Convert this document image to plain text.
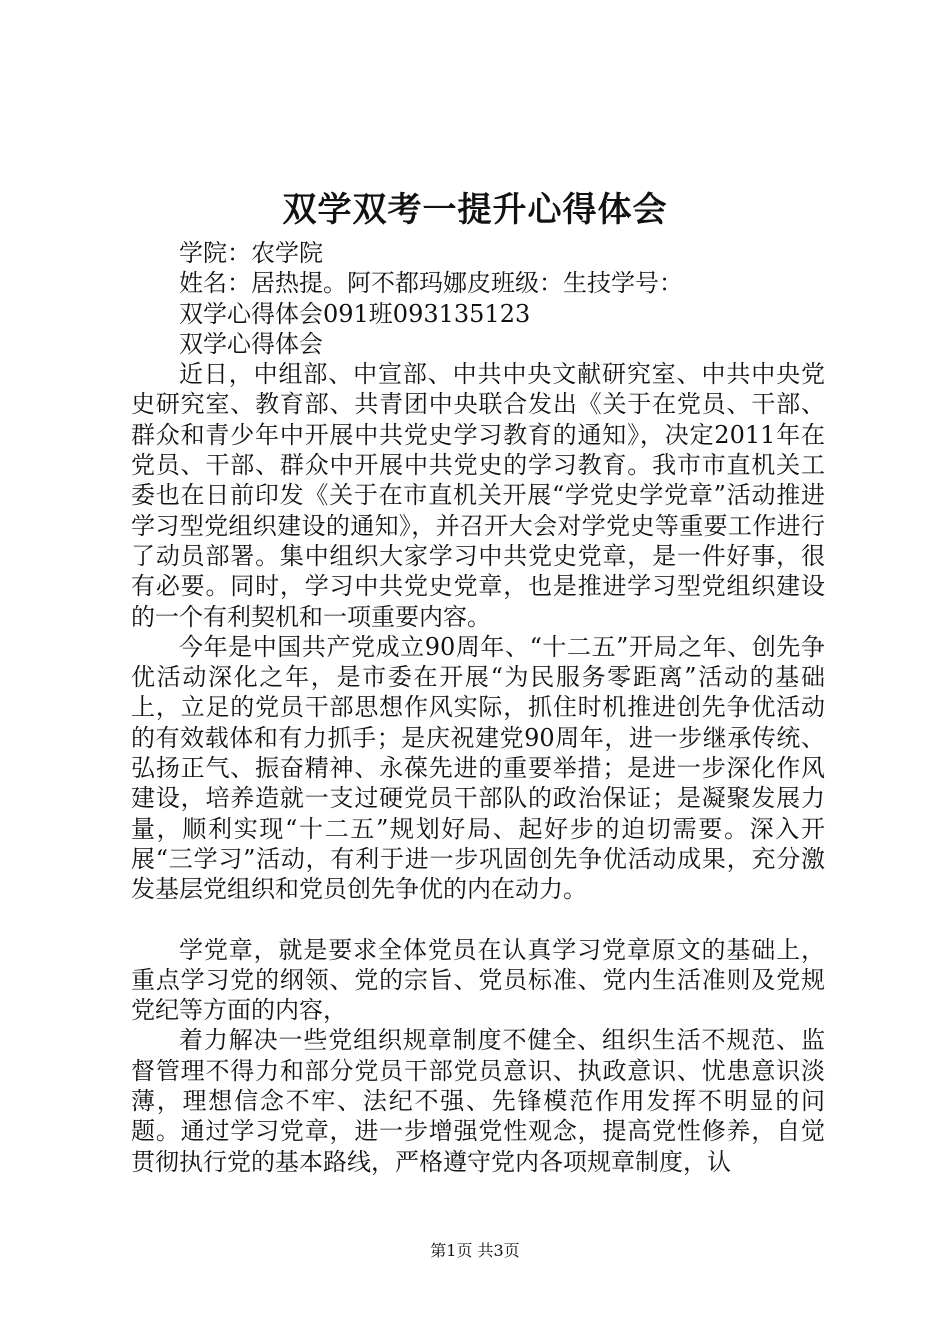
双学双考一提升心得体会

学院：农学院

姓名：居热提。阿不都玛娜皮班级：生技学号：

双学心得体会091班093135123

双学心得体会

近日，中组部、中宣部、中共中央文献研究室、中共中央党史研究室、教育部、共青团中央联合发出《关于在党员、干部、群众和青少年中开展中共党史学习教育的通知》，决定2011年在党员、干部、群众中开展中共党史的学习教育。我市市直机关工委也在日前印发《关于在市直机关开展“学党史学党章”活动推进学习型党组织建设的通知》，并召开大会对学党史等重要工作进行了动员部署。集中组织大家学习中共党史党章，是一件好事，很有必要。同时，学习中共党史党章，也是推进学习型党组织建设的一个有利契机和一项重要内容。

今年是中国共产党成立90周年、“十二五”开局之年、创先争优活动深化之年，是市委在开展“为民服务零距离”活动的基础上，立足的党员干部思想作风实际，抓住时机推进创先争优活动的有效载体和有力抓手；是庆祝建党90周年，进一步继承传统、弘扬正气、振奋精神、永葆先进的重要举措；是进一步深化作风建设，培养造就一支过硬党员干部队的政治保证；是凝聚发展力量，顺利实现“十二五”规划好局、起好步的迫切需要。深入开展“三学习”活动，有利于进一步巩固创先争优活动成果，充分激发基层党组织和党员创先争优的内在动力。

学党章，就是要求全体党员在认真学习党章原文的基础上，重点学习党的纲领、党的宗旨、党员标准、党内生活准则及党规党纪等方面的内容，

着力解决一些党组织规章制度不健全、组织生活不规范、监督管理不得力和部分党员干部党员意识、执政意识、忧患意识淡薄，理想信念不牢、法纪不强、先锋模范作用发挥不明显的问题。通过学习党章，进一步增强党性观念，提高党性修养，自觉贯彻执行党的基本路线，严格遵守党内各项规章制度，认

第1页 共3页
